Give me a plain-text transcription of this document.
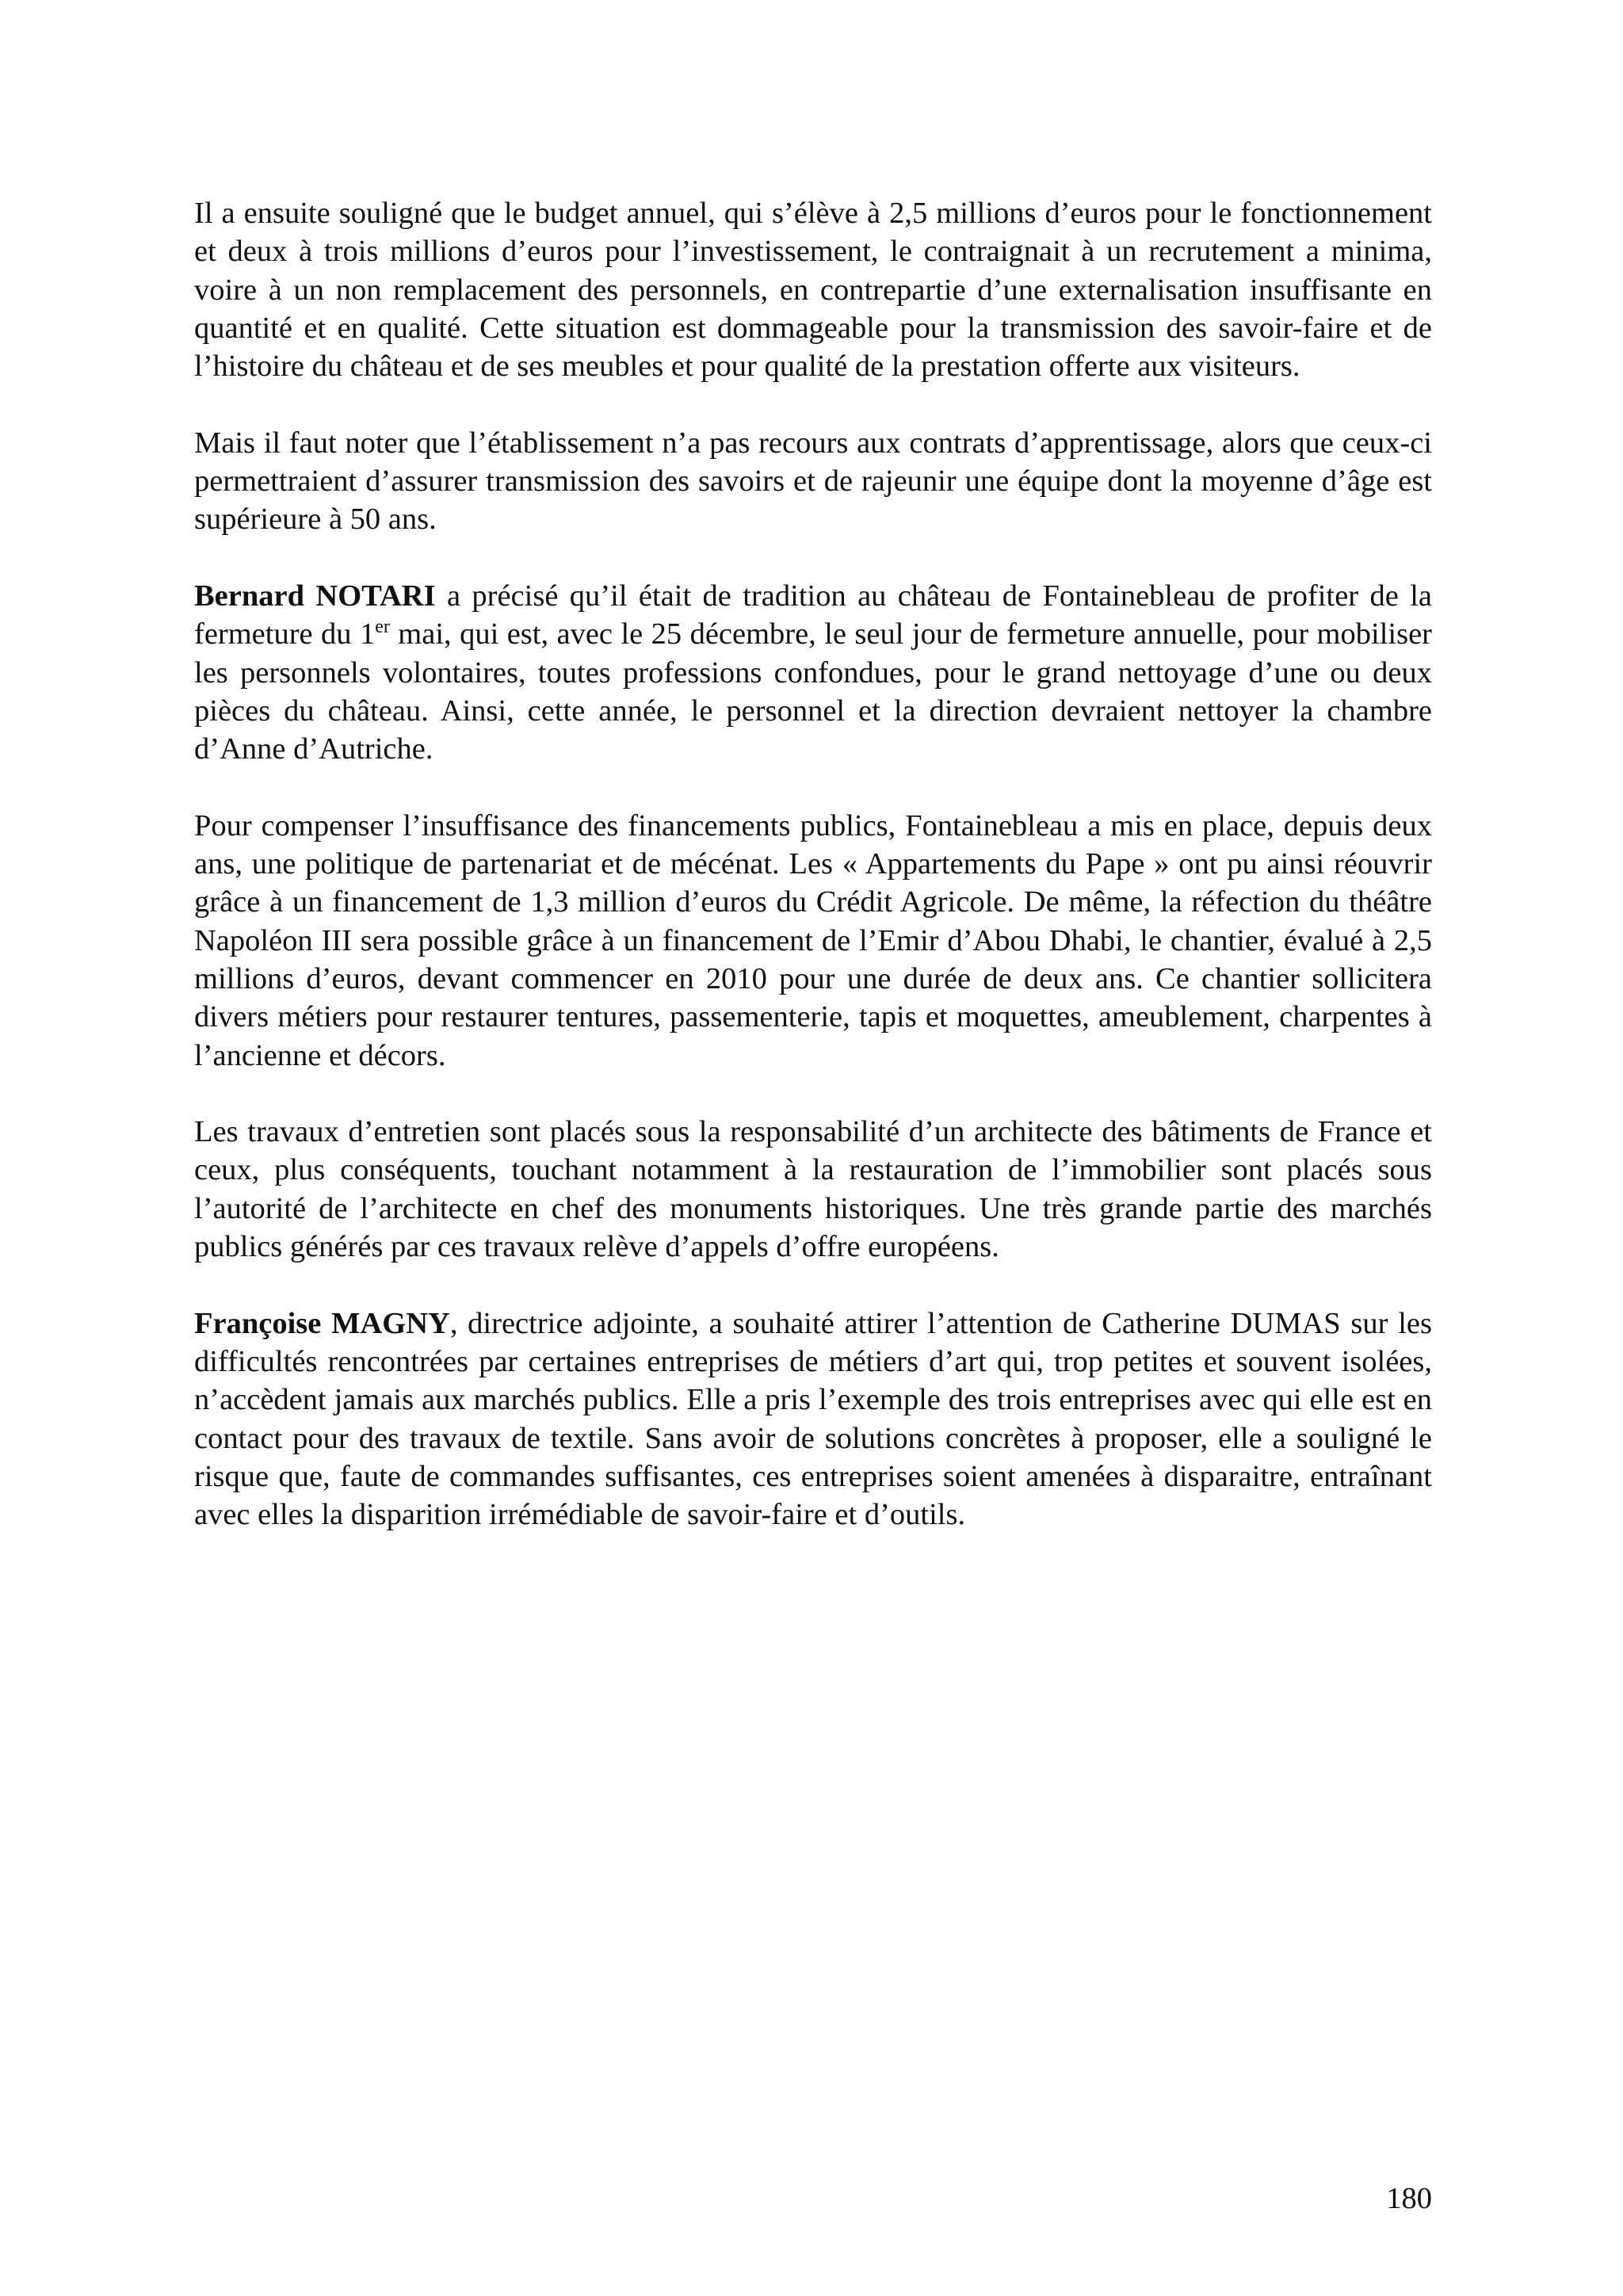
Il a ensuite souligné que le budget annuel, qui s’élève à 2,5 millions d’euros pour le fonctionnement et deux à trois millions d’euros pour l’investissement, le contraignait à un recrutement a minima, voire à un non remplacement des personnels, en contrepartie d’une externalisation insuffisante en quantité et en qualité. Cette situation est dommageable pour la transmission des savoir-faire et de l’histoire du château et de ses meubles et pour qualité de la prestation offerte aux visiteurs.

Mais il faut noter que l’établissement n’a pas recours aux contrats d’apprentissage, alors que ceux-ci permettraient d’assurer transmission des savoirs et de rajeunir une équipe dont la moyenne d’âge est supérieure à 50 ans.

Bernard NOTARI a précisé qu’il était de tradition au château de Fontainebleau de profiter de la fermeture du 1er mai, qui est, avec le 25 décembre, le seul jour de fermeture annuelle, pour mobiliser les personnels volontaires, toutes professions confondues, pour le grand nettoyage d’une ou deux pièces du château. Ainsi, cette année, le personnel et la direction devraient nettoyer la chambre d’Anne d’Autriche.

Pour compenser l’insuffisance des financements publics, Fontainebleau a mis en place, depuis deux ans, une politique de partenariat et de mécénat. Les « Appartements du Pape » ont pu ainsi réouvrir grâce à un financement de 1,3 million d’euros du Crédit Agricole. De même, la réfection du théâtre Napoléon III sera possible grâce à un financement de l’Emir d’Abou Dhabi, le chantier, évalué à 2,5 millions d’euros, devant commencer en 2010 pour une durée de deux ans. Ce chantier sollicitera divers métiers pour restaurer tentures, passementerie, tapis et moquettes, ameublement, charpentes à l’ancienne et décors.

Les travaux d’entretien sont placés sous la responsabilité d’un architecte des bâtiments de France et ceux, plus conséquents, touchant notamment à la restauration de l’immobilier sont placés sous l’autorité de l’architecte en chef des monuments historiques. Une très grande partie des marchés publics générés par ces travaux relève d’appels d’offre européens.

Françoise MAGNY, directrice adjointe, a souhaité attirer l’attention de Catherine DUMAS sur les difficultés rencontrées par certaines entreprises de métiers d’art qui, trop petites et souvent isolées, n’accèdent jamais aux marchés publics. Elle a pris l’exemple des trois entreprises avec qui elle est en contact pour des travaux de textile. Sans avoir de solutions concrètes à proposer, elle a souligné le risque que, faute de commandes suffisantes, ces entreprises soient amenées à disparaitre, entraînant avec elles la disparition irrémédiable de savoir-faire et d’outils.

180
